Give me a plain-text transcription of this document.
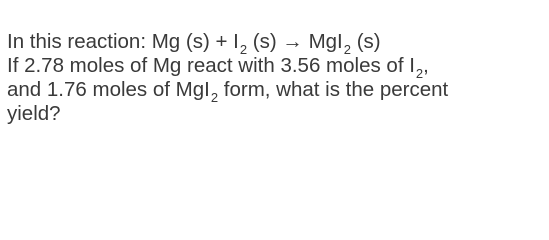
In this reaction: Mg $(s) + I_2$ (s) → MgI$_2$ (s)
If 2.78 moles of Mg react with 3.56 moles of $I_2$,
and 1.76 moles of MgI$_2$ form, what is the percent
yield?
